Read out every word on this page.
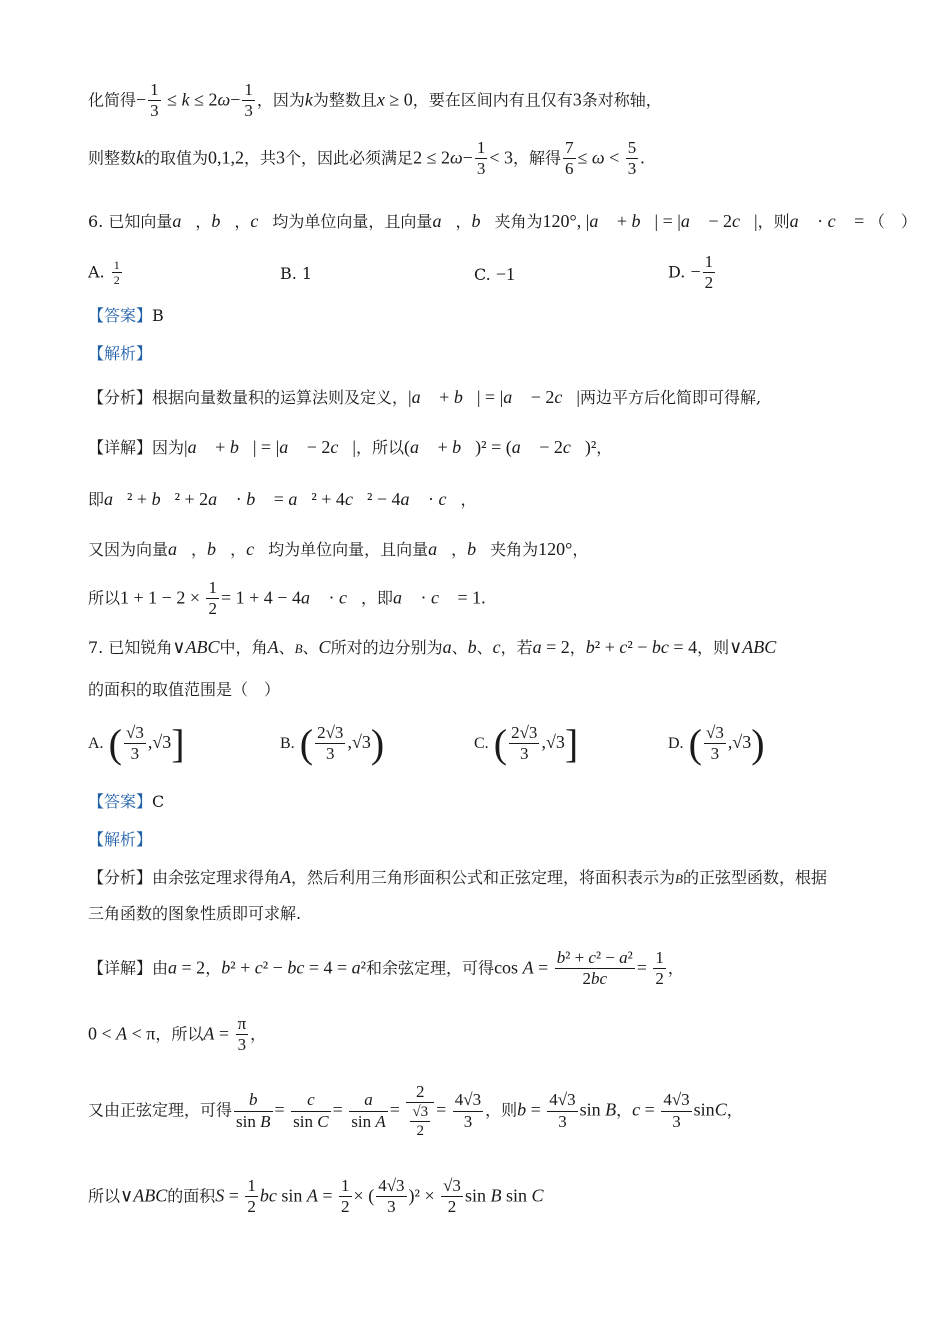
化简得− $\frac{1}{3} \le k \le 2\omega- \frac{1}{3}$ ，因为k为整数且x ≥ 0，要在区间内有且仅有3条对称轴，
则整数k的取值为0,1,2，共3个，因此必须满足$2 \le 2\omega- \frac{1}{3} < 3$，解得 $\frac{7}{6} \le \omega < \frac{5}{3}$ .
6. 已知向量a⃗，b⃗，c⃗均为单位向量，且向量a⃗，b⃗夹角为120°, |a⃗ + b⃗| = |a⃗ − 2c⃗|，则a⃗ · c⃗ = （　）
A. $\frac{1}{2}$	B. 1	C. −1	D. − $\frac{1}{2}$
【答案】B
【解析】
【分析】根据向量数量积的运算法则及定义，|a⃗ + b⃗| = |a⃗ − 2c⃗|两边平方后化简即可得解,
【详解】因为|a⃗ + b⃗| = |a⃗ − 2c⃗|，所以(a⃗ + b⃗)² = (a⃗ − 2c⃗)²，
即a⃗² + b⃗² + 2a⃗ · b⃗ = a⃗² + 4c⃗² − 4a⃗ · c⃗，
又因为向量a⃗，b⃗，c⃗均为单位向量，且向量a⃗，b⃗夹角为120°，
所以$1 + 1 - 2 \times \frac{1}{2} = 1 + 4$ − 4a⃗ · c⃗，即a⃗ · c⃗ = 1.
7. 已知锐角∨ABC中，角A、B、C所对的边分别为a、b、c，若a = 2，b² + c² − bc = 4，则∨ABC
的面积的取值范围是（　）
A. ( $\frac{√3}{3} ,√3$]	B. ( $\frac{2√3}{3} ,√3$)	C. ( $\frac{2√3}{3} ,√3$]	D. ( $\frac{√3}{3} ,√3$)
【答案】C
【解析】
【分析】由余弦定理求得角A，然后利用三角形面积公式和正弦定理，将面积表示为B的正弦型函数，根据
三角函数的图象性质即可求解.
【详解】由a = 2，b² + c² − bc = 4 = a²和余弦定理，可得$\cos A = \frac{\text{b² + c² − a²}}{2bc} = \frac{1}{2}$ ，
0 < A < π，所以$A = \frac{\pi}{3}$ ，
又由正弦定理，可得 $\frac{b}{\text{sin B}} = \frac{c}{\text{sin C}} = \frac{a}{\text{sin A}} = \frac{2}{\frac{√3}{2}} = \frac{4√3}{3}$ ，则$b = \frac{4√3}{3}$ sin B，$c = \frac{4√3}{3}$ sinC，
所以∨ABC的面积$S = \frac{1}{2}$ bc $\sin A = \frac{1}{2}$ × ( $\frac{4√3}{3} )^2 \times \frac{√3}{2}$ sin B sin C
